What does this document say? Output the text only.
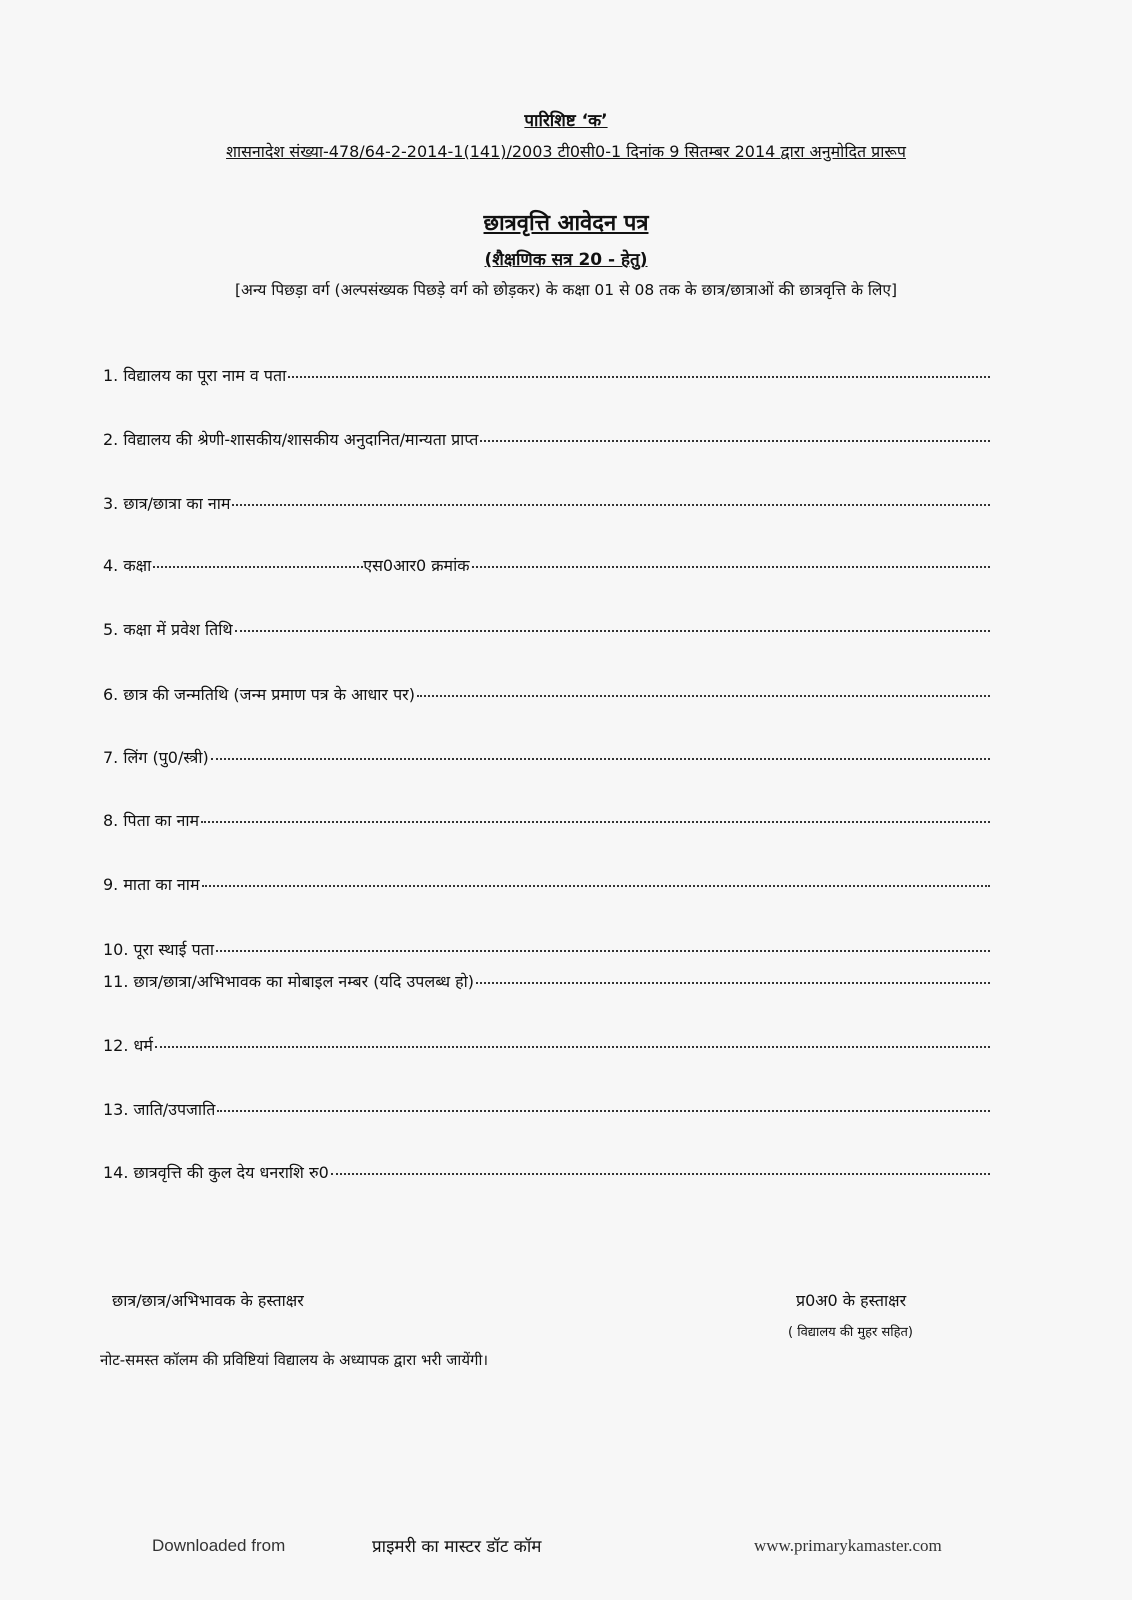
पारिशिष्ट ‘क’
शासनादेश संख्या-478/64-2-2014-1(141)/2003 टी0सी0-1 दिनांक 9 सितम्बर 2014 द्वारा अनुमोदित प्रारूप
छात्रवृत्ति आवेदन पत्र
(शैक्षणिक सत्र 20 - हेतु)
[अन्य पिछड़ा वर्ग (अल्पसंख्यक पिछड़े वर्ग को छोड़कर) के कक्षा 01 से 08 तक के छात्र/छात्राओं की छात्रवृत्ति के लिए]
1. विद्यालय का पूरा नाम व पता
2. विद्यालय की श्रेणी-शासकीय/शासकीय अनुदानित/मान्यता प्राप्त
3. छात्र/छात्रा का नाम
4. कक्षा	एस0आर0 क्रमांक
5. कक्षा में प्रवेश तिथि
6. छात्र की जन्मतिथि (जन्म प्रमाण पत्र के आधार पर)
7. लिंग (पु0/स्त्री)
8. पिता का नाम
9. माता का नाम
10. पूरा स्थाई पता
11. छात्र/छात्रा/अभिभावक का मोबाइल नम्बर (यदि उपलब्ध हो)
12. धर्म
13. जाति/उपजाति
14. छात्रवृत्ति की कुल देय धनराशि रु0
छात्र/छात्र/अभिभावक के हस्ताक्षर	प्र0अ0 के हस्ताक्षर
( विद्यालय की मुहर सहित)
नोट-समस्त कॉलम की प्रविष्टियां विद्यालय के अध्यापक द्वारा भरी जायेंगी।
Downloaded from	प्राइमरी का मास्टर डॉट कॉम	www.primarykamaster.com
